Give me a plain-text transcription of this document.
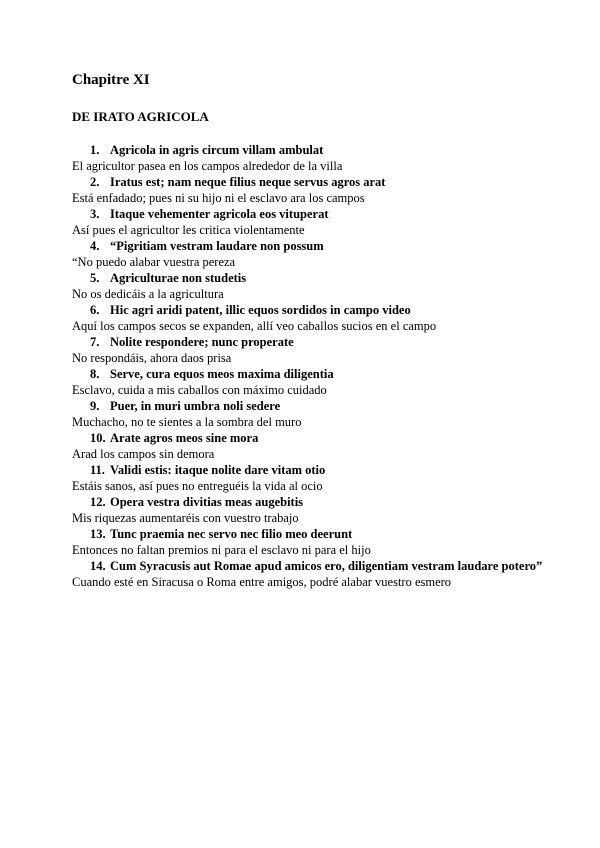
Chapitre XI
DE IRATO AGRICOLA
1. Agricola in agris circum villam ambulat
El agricultor pasea en los campos alrededor de la villa
2. Iratus est; nam neque filius neque servus agros arat
Está enfadado; pues ni su hijo ni el esclavo ara los campos
3. Itaque vehementer agricola eos vituperat
Así pues el agricultor les critica violentamente
4. “Pigritiam vestram laudare non possum
“No puedo alabar vuestra pereza
5. Agriculturae non studetis
No os dedicáis a la agricultura
6. Hic agri aridi patent, illic equos sordidos in campo video
Aquí los campos secos se expanden, allí veo caballos sucios en el campo
7. Nolite respondere; nunc properate
No respondáis, ahora daos prisa
8. Serve, cura equos meos maxima diligentia
Esclavo, cuida a mis caballos con máximo cuidado
9. Puer, in muri umbra noli sedere
Muchacho, no te sientes a la sombra del muro
10. Arate agros meos sine mora
Arad los campos sin demora
11. Validi estis: itaque nolite dare vitam otio
Estáis sanos, así pues no entreguéis la vida al ocio
12. Opera vestra divitias meas augebitis
Mis riquezas aumentaréis con vuestro trabajo
13. Tunc praemia nec servo nec filio meo deerunt
Entonces no faltan premios ni para el esclavo ni para el hijo
14. Cum Syracusis aut Romae apud amicos ero, diligentiam vestram laudare potero”
Cuando esté en Siracusa o Roma entre amigos, podré alabar vuestro esmero
